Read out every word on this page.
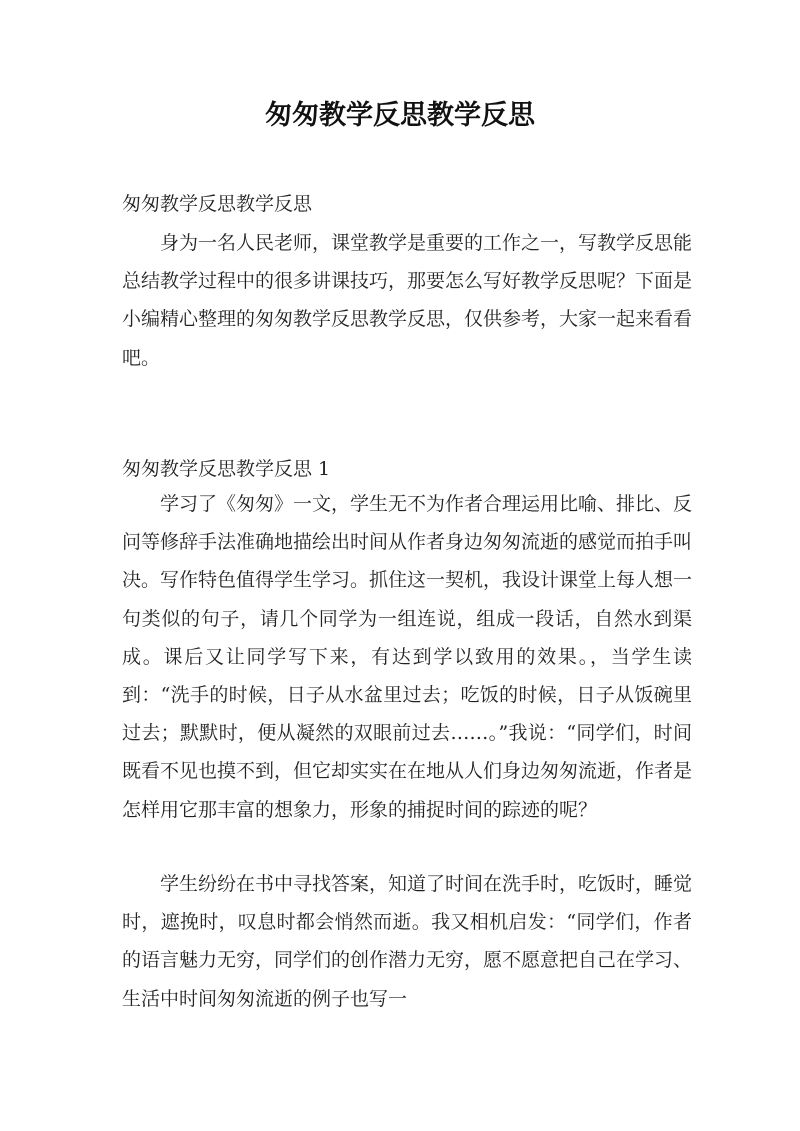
匆匆教学反思教学反思

匆匆教学反思教学反思

身为一名人民老师，课堂教学是重要的工作之一，写教学反思能总结教学过程中的很多讲课技巧，那要怎么写好教学反思呢？下面是小编精心整理的匆匆教学反思教学反思，仅供参考，大家一起来看看吧。

匆匆教学反思教学反思 1

学习了《匆匆》一文，学生无不为作者合理运用比喻、排比、反问等修辞手法准确地描绘出时间从作者身边匆匆流逝的感觉而拍手叫决。写作特色值得学生学习。抓住这一契机，我设计课堂上每人想一句类似的句子，请几个同学为一组连说，组成一段话，自然水到渠成。课后又让同学写下来，有达到学以致用的效果。，当学生读到：“洗手的时候，日子从水盆里过去；吃饭的时候，日子从饭碗里过去；默默时，便从凝然的双眼前过去……。”我说：“同学们，时间既看不见也摸不到，但它却实实在在地从人们身边匆匆流逝，作者是怎样用它那丰富的想象力，形象的捕捉时间的踪迹的呢？

学生纷纷在书中寻找答案，知道了时间在洗手时，吃饭时，睡觉时，遮挽时，叹息时都会悄然而逝。我又相机启发：“同学们，作者的语言魅力无穷，同学们的创作潜力无穷，愿不愿意把自己在学习、生活中时间匆匆流逝的例子也写一
